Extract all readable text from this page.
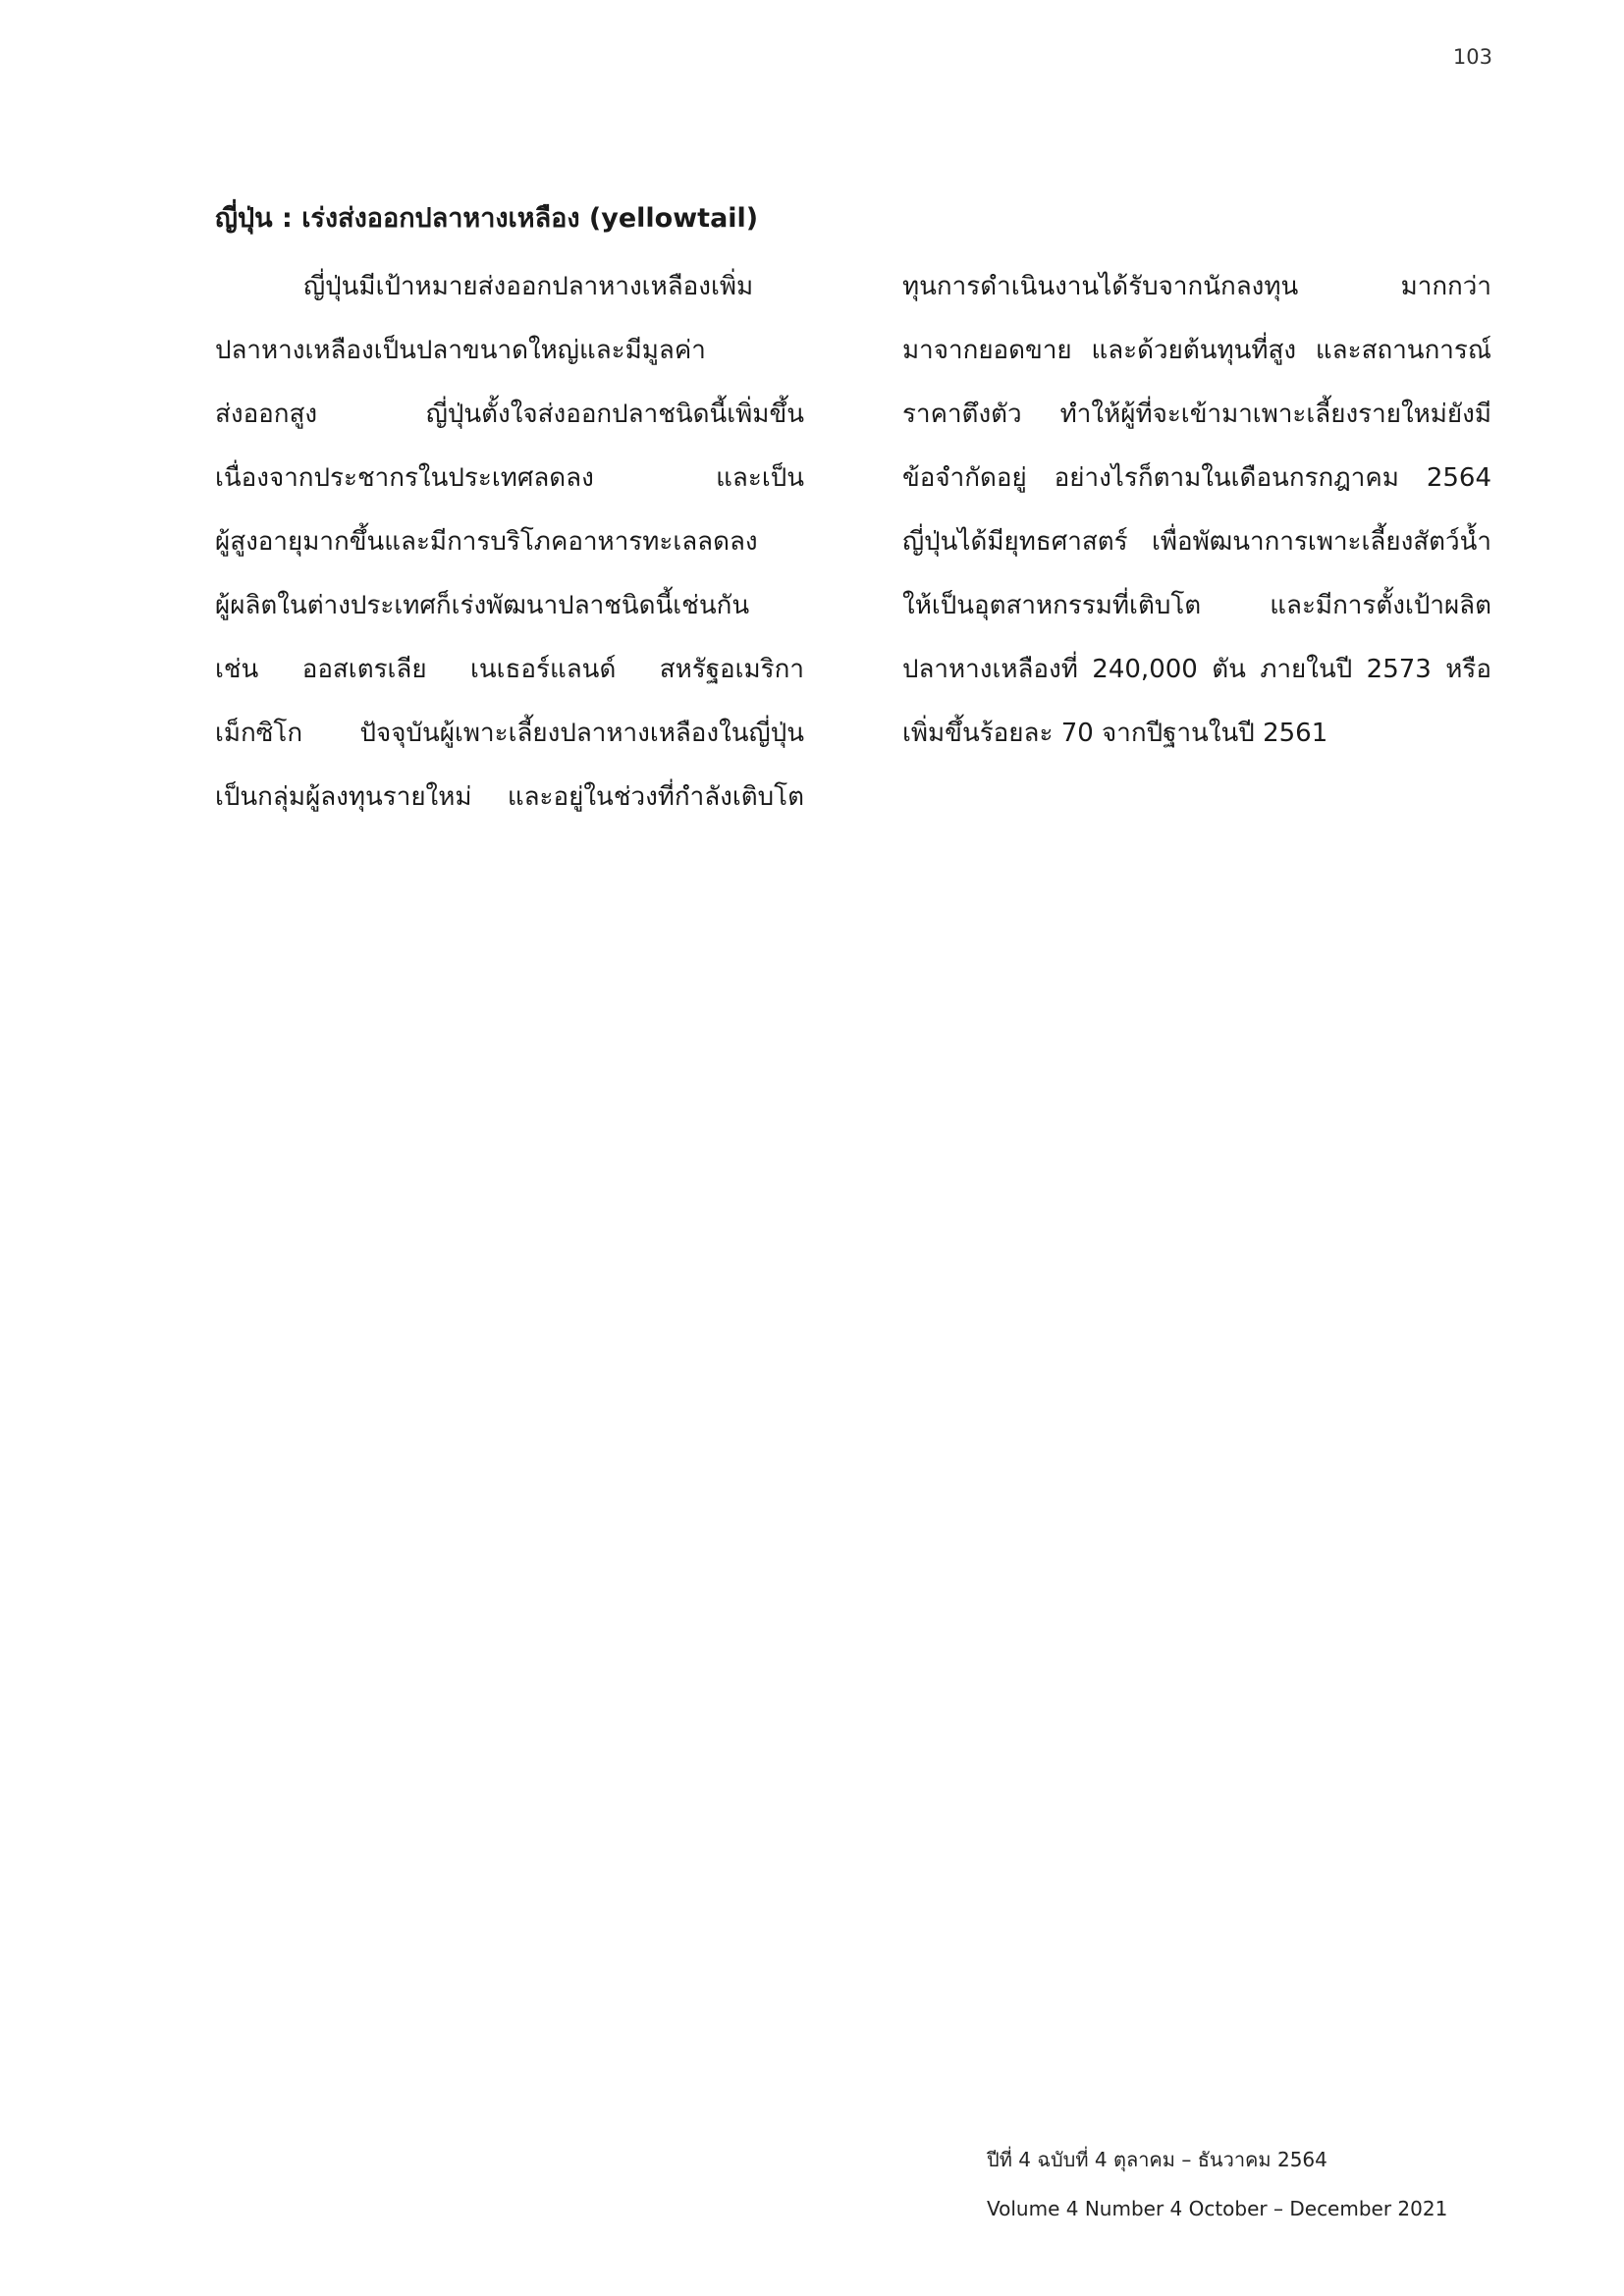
103
ญี่ปุ่น : เร่งส่งออกปลาหางเหลือง (yellowtail)
ญี่ปุ่นมีเป้าหมายส่งออกปลาหางเหลืองเพิ่ม
ปลาหางเหลืองเป็นปลาขนาดใหญ่และมีมูลค่า
ส่งออกสูง ญี่ปุ่นตั้งใจส่งออกปลาชนิดนี้เพิ่มขึ้น
เนื่องจากประชากรในประเทศลดลง และเป็น
ผู้สูงอายุมากขึ้นและมีการบริโภคอาหารทะเลลดลง
ผู้ผลิตในต่างประเทศก็เร่งพัฒนาปลาชนิดนี้เช่นกัน
เช่น ออสเตรเลีย เนเธอร์แลนด์ สหรัฐอเมริกา
เม็กซิโก ปัจจุบันผู้เพาะเลี้ยงปลาหางเหลืองในญี่ปุ่น
เป็นกลุ่มผู้ลงทุนรายใหม่ และอยู่ในช่วงที่กำลังเติบโต
ทุนการดำเนินงานได้รับจากนักลงทุน มากกว่า
มาจากยอดขาย และด้วยต้นทุนที่สูง และสถานการณ์
ราคาตึงตัว ทำให้ผู้ที่จะเข้ามาเพาะเลี้ยงรายใหม่ยังมี
ข้อจำกัดอยู่ อย่างไรก็ตามในเดือนกรกฎาคม 2564
ญี่ปุ่นได้มียุทธศาสตร์ เพื่อพัฒนาการเพาะเลี้ยงสัตว์น้ำ
ให้เป็นอุตสาหกรรมที่เติบโต และมีการตั้งเป้าผลิต
ปลาหางเหลืองที่ 240,000 ตัน ภายในปี 2573 หรือ
เพิ่มขึ้นร้อยละ 70 จากปีฐานในปี 2561
ปีที่ 4 ฉบับที่ 4 ตุลาคม – ธันวาคม 2564
Volume 4 Number 4 October – December 2021
